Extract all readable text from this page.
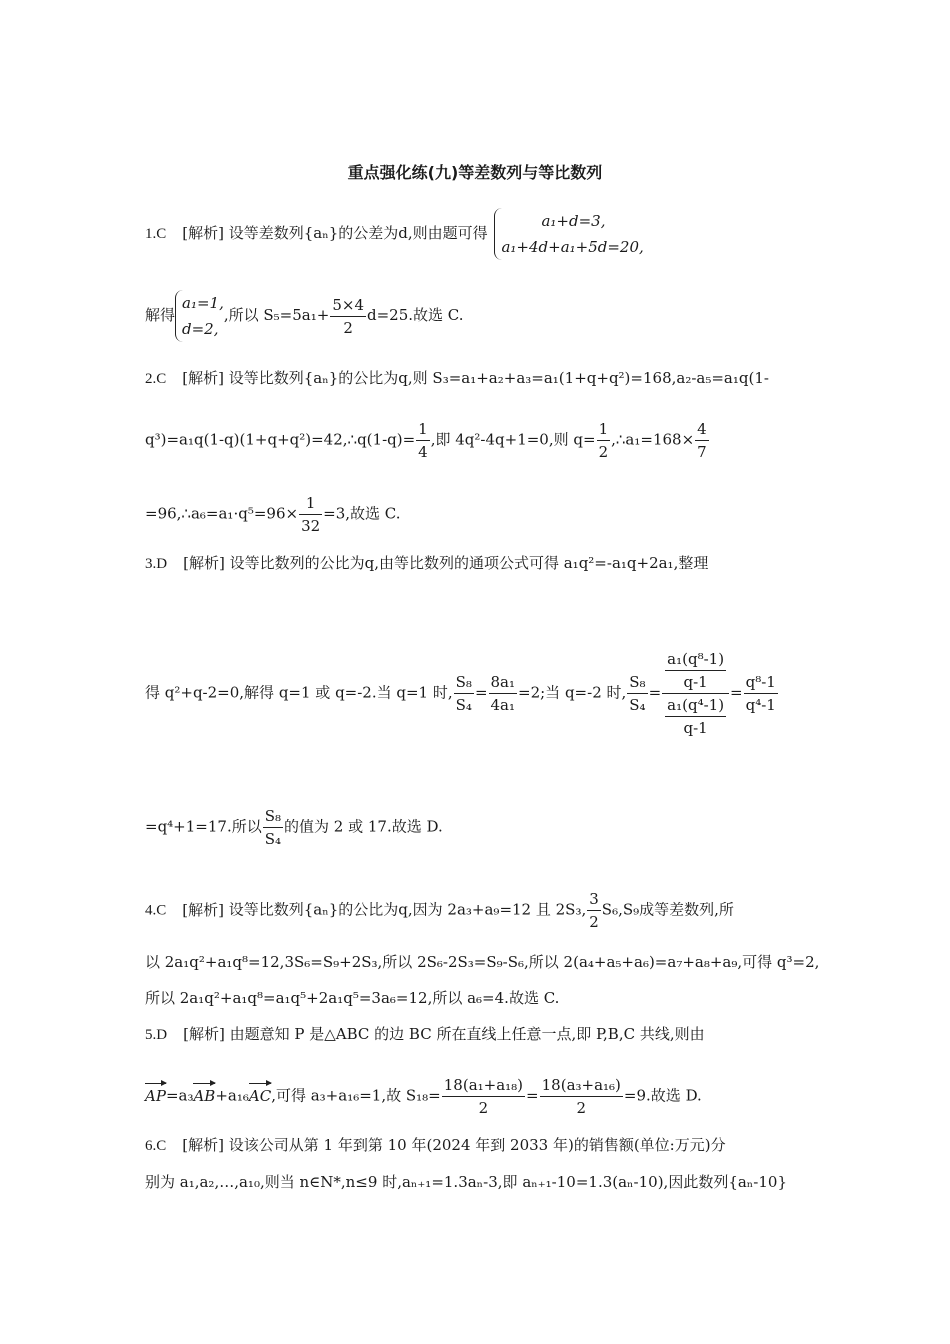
重点强化练(九)等差数列与等比数列
1.C [解析] 设等差数列{aₙ}的公差为d,则由题可得
a₁+d=3,
a₁+4d+a₁+5d=20,
解得
a₁=1,
d=2,
,所以 $S_5=5a_1+ \frac{5\times 4}{2} d=25$.故选 C.
2.C [解析] 设等比数列{aₙ}的公比为q,则 S₃=a₁+a₂+a₃=a₁(1+q+q²)=168,a₂-a₅=a₁q(1-
q³)=a₁q(1-q)(1+q+q²)=42,∴q(1-q)= $\frac{1}{4}$ ,即 4q²-4q+1=0,则 $q= \frac{1}{2}$ ,∴a₁=168× $\frac{4}{7}$
=96,∴a₆=a₁·q⁵=96× $\frac{1}{32} =3$,故选 C.
3.D [解析] 设等比数列的公比为q,由等比数列的通项公式可得 a₁q²=-a₁q+2a₁,整理
得 q²+q-2=0,解得 q=1 或 q=-2.当 q=1 时, $\frac{\text{S₈}}{\text{S₄}} = \frac{\text{8a₁}}{\text{4a₁}} =2$;当 q=-2 时, $\frac{\text{S₈}}{\text{S₄}} = \frac{\frac{\text{a₁(q⁸-1)}}{q-1}}{\frac{\text{a₁(q⁴-1)}}{q-1}} = \frac{\text{q⁸-1}}{\text{q⁴-1}}$
=q⁴+1=17.所以 $\frac{\text{S₈}}{\text{S₄}}$ 的值为 2 或 17.故选 D.
4.C [解析] 设等比数列{aₙ}的公比为q,因为 2a₃+a₉=12 且 2S₃, $\frac{3}{2} S_6,S_9$成等差数列,所
以 2a₁q²+a₁q⁸=12,3S₆=S₉+2S₃,所以 2S₆-2S₃=S₉-S₆,所以 2(a₄+a₅+a₆)=a₇+a₈+a₉,可得 q³=2,
所以 2a₁q²+a₁q⁸=a₁q⁵+2a₁q⁵=3a₆=12,所以 a₆=4.故选 C.
5.D [解析] 由题意知 P 是△ABC 的边 BC 所在直线上任意一点,即 P,B,C 共线,则由
AP=a₃AB+a₁₆AC,可得 a₃+a₁₆=1,故 $S_{18}= \frac{\text{18(a₁+a₁₈)}}{2} = \frac{\text{18(a₃+a₁₆)}}{2} =9$.故选 D.
6.C [解析] 设该公司从第 1 年到第 10 年(2024 年到 2033 年)的销售额(单位:万元)分
别为 a₁,a₂,…,a₁₀,则当 n∈N*,n≤9 时,aₙ₊₁=1.3aₙ-3,即 aₙ₊₁-10=1.3(aₙ-10),因此数列{aₙ-10}
